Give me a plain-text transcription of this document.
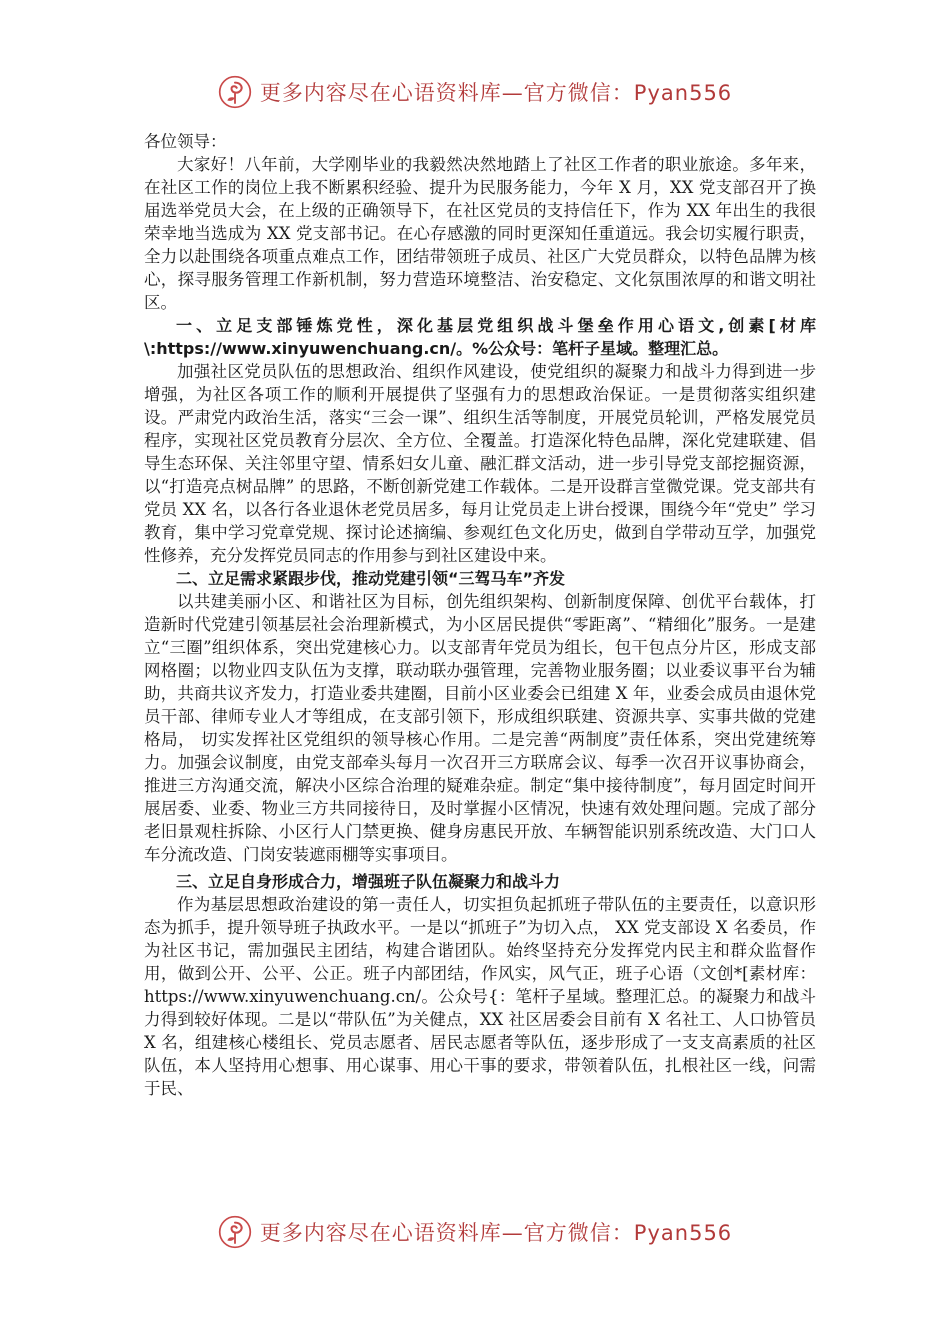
更多内容尽在心语资料库—官方微信：Pyan556

各位领导：

大家好！八年前，大学刚毕业的我毅然决然地踏上了社区工作者的职业旅途。多年来，在社区工作的岗位上我不断累积经验、提升为民服务能力，今年 X 月，XX 党支部召开了换届选举党员大会，在上级的正确领导下，在社区党员的支持信任下，作为 XX 年出生的我很荣幸地当选成为 XX 党支部书记。在心存感激的同时更深知任重道远。我会切实履行职责，全力以赴围绕各项重点难点工作，团结带领班子成员、社区广大党员群众，以特色品牌为核心，探寻服务管理工作新机制，努力营造环境整洁、治安稳定、文化氛围浓厚的和谐文明社区。

一、立足支部锤炼党性，深化基层党组织战斗堡垒作用心语文,创素[材库\:https://www.xinyuwenchuang.cn/。%公众号：笔杆子星域。整理汇总。

加强社区党员队伍的思想政治、组织作风建设，使党组织的凝聚力和战斗力得到进一步增强，为社区各项工作的顺利开展提供了坚强有力的思想政治保证。一是贯彻落实组织建设。严肃党内政治生活，落实“三会一课”、组织生活等制度，开展党员轮训，严格发展党员程序，实现社区党员教育分层次、全方位、全覆盖。打造深化特色品牌，深化党建联建、倡导生态环保、关注邻里守望、情系妇女儿童、融汇群文活动，进一步引导党支部挖掘资源，以“打造亮点树品牌” 的思路，不断创新党建工作载体。二是开设群言堂微党课。党支部共有党员 XX 名，以各行各业退休老党员居多，每月让党员走上讲台授课，围绕今年“党史” 学习教育，集中学习党章党规、探讨论述摘编、参观红色文化历史，做到自学带动互学，加强党性修养，充分发挥党员同志的作用参与到社区建设中来。

二、立足需求紧跟步伐，推动党建引领“三驾马车”齐发

以共建美丽小区、和谐社区为目标，创先组织架构、创新制度保障、创优平台载体，打造新时代党建引领基层社会治理新模式，为小区居民提供“零距离”、“精细化”服务。一是建立“三圈”组织体系，突出党建核心力。以支部青年党员为组长，包干包点分片区，形成支部网格圈；以物业四支队伍为支撑，联动联办强管理，完善物业服务圈；以业委议事平台为辅助，共商共议齐发力，打造业委共建圈，目前小区业委会已组建 X 年，业委会成员由退休党员干部、律师专业人才等组成，在支部引领下，形成组织联建、资源共享、实事共做的党建格局， 切实发挥社区党组织的领导核心作用。二是完善“两制度”责任体系，突出党建统筹力。加强会议制度，由党支部牵头每月一次召开三方联席会议、每季一次召开议事协商会，推进三方沟通交流，解决小区综合治理的疑难杂症。制定“集中接待制度”，每月固定时间开展居委、业委、物业三方共同接待日，及时掌握小区情况，快速有效处理问题。完成了部分老旧景观柱拆除、小区行人门禁更换、健身房惠民开放、车辆智能识别系统改造、大门口人车分流改造、门岗安装遮雨棚等实事项目。

三、立足自身形成合力，增强班子队伍凝聚力和战斗力

作为基层思想政治建设的第一责任人，切实担负起抓班子带队伍的主要责任，以意识形态为抓手，提升领导班子执政水平。一是以“抓班子”为切入点， XX 党支部设 X 名委员，作为社区书记，需加强民主团结，构建合谐团队。始终坚持充分发挥党内民主和群众监督作用，做到公开、公平、公正。班子内部团结，作风实，风气正，班子心语（文创*[素材库：https://www.xinyuwenchuang.cn/。公众号{：笔杆子星域。整理汇总。的凝聚力和战斗力得到较好体现。二是以“带队伍”为关健点，XX 社区居委会目前有 X 名社工、人口协管员 X 名，组建核心楼组长、党员志愿者、居民志愿者等队伍，逐步形成了一支支高素质的社区队伍，本人坚持用心想事、用心谋事、用心干事的要求，带领着队伍，扎根社区一线，问需于民、

更多内容尽在心语资料库—官方微信：Pyan556
